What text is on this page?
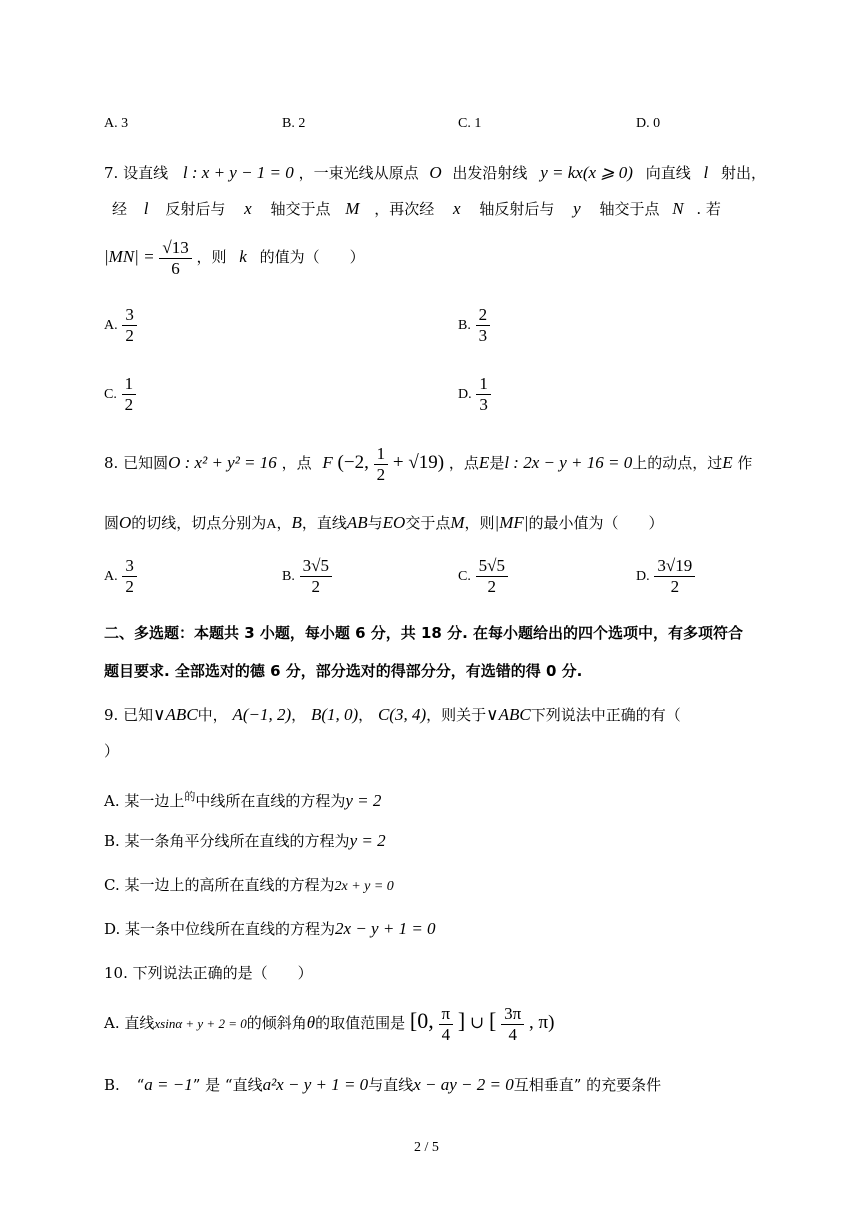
A. 3	B. 2	C. 1	D. 0
7. 设直线 l : x + y − 1 = 0 ，一束光线从原点 O 出发沿射线 y = kx(x ⩾ 0) 向直线 l 射出，
经 l 反射后与 x 轴交于点 M ，再次经 x 轴反射后与 y 轴交于点 N . 若
$|MN| = \frac{√13}{6}$ ，则 k 的值为（　　）
A. $\frac{3}{2}$	B. $\frac{2}{3}$
C. $\frac{1}{2}$	D. $\frac{1}{3}$
8. 已知圆O : x² + y² = 16 ，点 F (−2, $\frac{1}{2} + √19$) ，点E是l : 2x − y + 16 = 0上的动点，过E 作
圆O的切线，切点分别为A，B，直线AB与EO交于点M，则|MF|的最小值为（　　）
A. $\frac{3}{2}$	B. $\frac{3√5}{2}$	C. $\frac{5√5}{2}$	D. $\frac{3√19}{2}$
二、多选题：本题共 3 小题，每小题 6 分，共 18 分. 在每小题给出的四个选项中，有多项符合
题目要求. 全部选对的德 6 分，部分选对的得部分分，有选错的得 0 分.
9. 已知∨ABC中， A(−1, 2)， B(1, 0)， C(3, 4)，则关于∨ABC下列说法中正确的有（
）
A. 某一边上$^的$中线所在直线的方程为y = 2
B. 某一条角平分线所在直线的方程为y = 2
C. 某一边上的高所在直线的方程为2x + y = 0
D. 某一条中位线所在直线的方程为2x − y + 1 = 0
10. 下列说法正确的是（　　）
A. 直线xsinα + y + 2 = 0的倾斜角θ的取值范围是 [0, $\frac{\pi}{4}$ ] ∪ [ $\frac{3\pi}{4}$ , π)
B. “a = −1” 是 “直线a²x − y + 1 = 0与直线x − ay − 2 = 0互相垂直” 的充要条件
2 / 5
